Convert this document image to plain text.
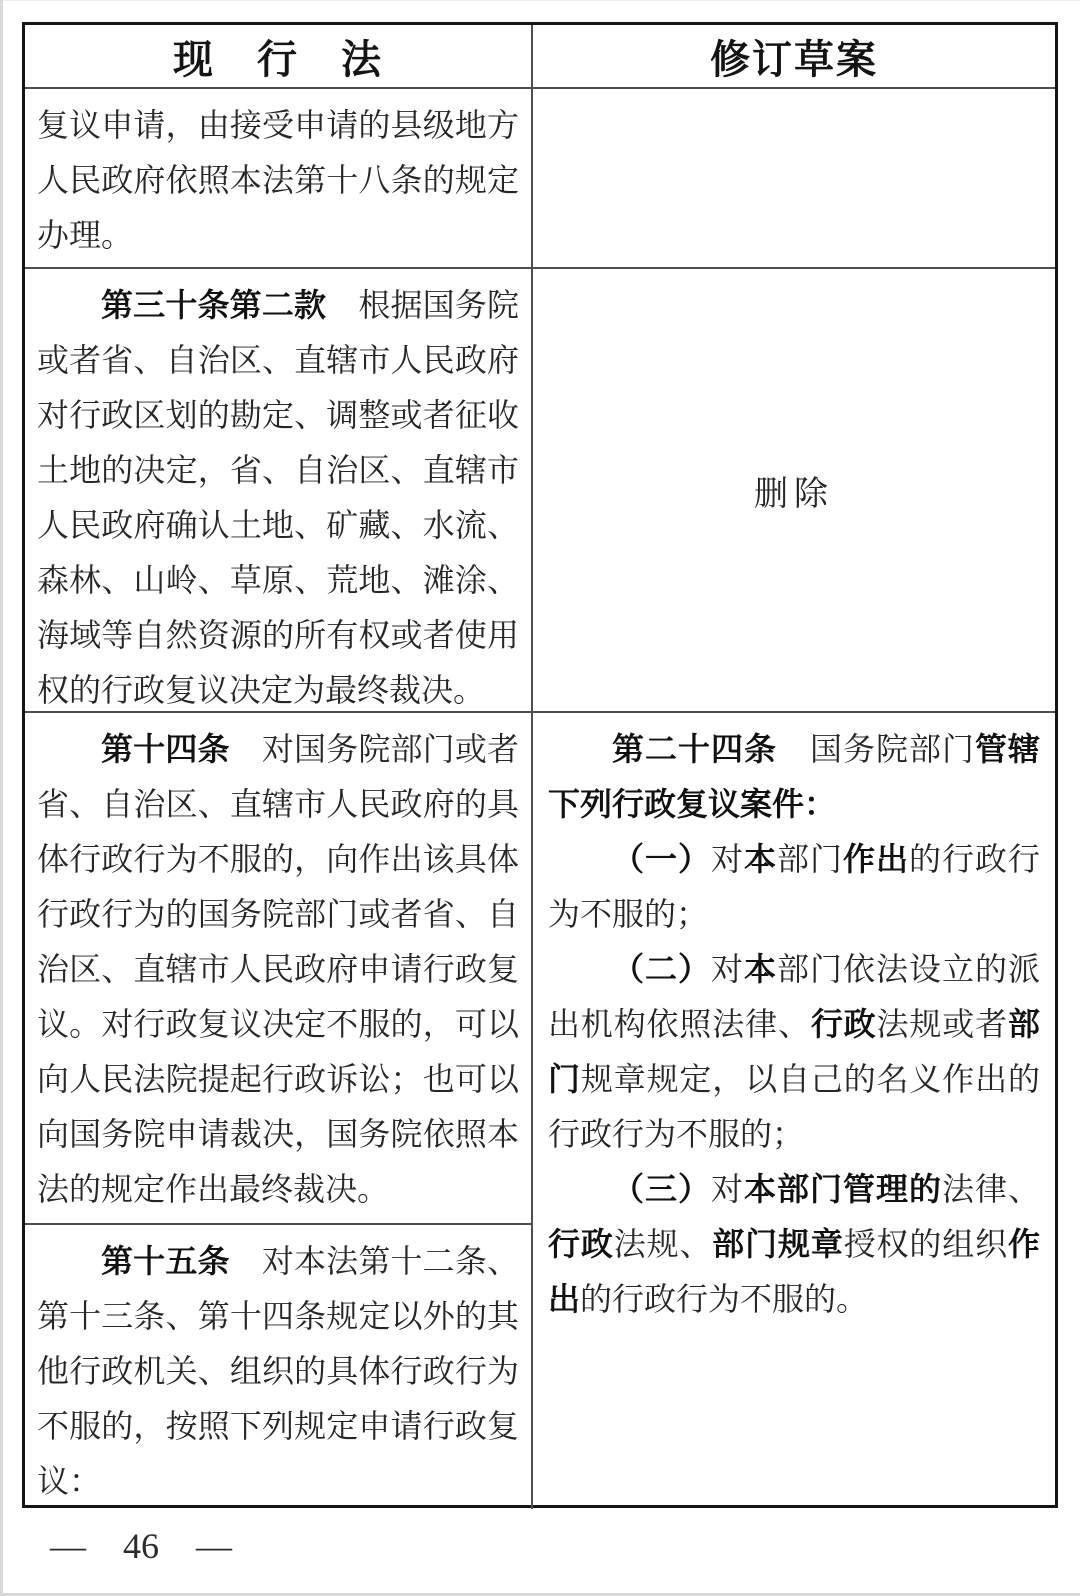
现　行　法	修订草案

复议申请，由接受申请的县级地方人民政府依照本法第十八条的规定办理。

第三十条第二款　根据国务院或者省、自治区、直辖市人民政府对行政区划的勘定、调整或者征收土地的决定，省、自治区、直辖市人民政府确认土地、矿藏、水流、森林、山岭、草原、荒地、滩涂、海域等自然资源的所有权或者使用权的行政复议决定为最终裁决。

删除

第十四条　对国务院部门或者省、自治区、直辖市人民政府的具体行政行为不服的，向作出该具体行政行为的国务院部门或者省、自治区、直辖市人民政府申请行政复议。对行政复议决定不服的，可以向人民法院提起行政诉讼；也可以向国务院申请裁决，国务院依照本法的规定作出最终裁决。

第十五条　对本法第十二条、第十三条、第十四条规定以外的其他行政机关、组织的具体行政行为不服的，按照下列规定申请行政复议：

第二十四条　国务院部门管辖下列行政复议案件：

（一）对本部门作出的行政行为不服的；

（二）对本部门依法设立的派出机构依照法律、行政法规或者部门规章规定，以自己的名义作出的行政行为不服的；

（三）对本部门管理的法律、行政法规、部门规章授权的组织作出的行政行为不服的。

— 46 —
